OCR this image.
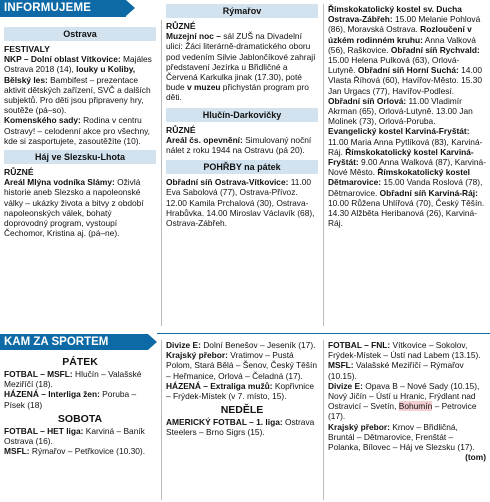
INFORMUJEME
Ostrava
FESTIVALY

NKP – Dolní oblast Vítkovice: Majáles Ostrava 2018 (14), louky u Koliby, Bělský les: Bambifest – prezentace aktivit dětských zařízení, SVČ a dalších subjektů. Pro děti jsou připraveny hry, soutěže (pá–so).

Komenského sady: Rodina v centru Ostravy! – celodenní akce pro všechny, kde si zasportujete, zasoutěžíte (10).

Háj ve Slezsku-Lhota
RŮZNÉ

Areál Mlýna vodníka Slámy: Oživlá historie aneb Slezsko a napoleonské války – ukázky života a bitvy z období napoleonských válek, bohatý doprovodný program, vystoupí Čechomor, Kristina aj. (pá–ne).

Rýmařov
RŮZNÉ

Muzejní noc – sál ZUŠ na Divadelní ulici: Žáci literárně-dramatického oboru pod vedením Silvie Jablončíkové zahrají představení Jezírka u Břidličné a Červená Karkulka jinak (17.30), poté bude v muzeu přichystán program pro děti.

Hlučín-Darkovičky
RŮZNÉ

Areál čs. opevnění: Simulovaný noční nálet z roku 1944 na Ostravu (pá 20).

POHŘBY na pátek

Obřadní síň Ostrava-Vítkovice: 11.00 Eva Sabolová (77), Ostrava-Přívoz. 12.00 Kamila Prchalová (30), Ostrava-Hrabůvka. 14.00 Miroslav Václavík (68), Ostrava-Zábřeh.

Římskokatolický kostel sv. Ducha Ostrava-Zábřeh: 15.00 Melanie Pohlová (86), Moravská Ostrava. Rozloučení v úzkém rodinném kruhu: Anna Valková (56), Raškovice. Obřadní síň Rychvald: 15.00 Helena Pulková (63), Orlová-Lutyně. Obřadní síň Horní Suchá: 14.00 Vlasta Říhová (60), Havířov-Město. 15.30 Jan Urgacs (77), Havířov-Podlesí. Obřadní síň Orlová: 11.00 Vladimír Akrman (65), Orlová-Lutyně. 13.00 Jan Molinek (73), Orlová-Poruba. Evangelický kostel Karviná-Fryštát: 11.00 Maria Anna Pytlíková (83), Karviná-Ráj. Římskokatolický kostel Karviná-Fryštát: 9.00 Anna Walková (87), Karviná-Nové Město. Římskokatolický kostel Dětmarovice: 15.00 Vanda Roslová (78), Dětmarovice. Obřadní síň Karviná-Ráj: 10.00 Růžena Uhlířová (70), Český Těšín. 14.30 Alžběta Heribanová (26), Karviná-Ráj.

KAM ZA SPORTEM
PÁTEK

FOTBAL – MSFL: Hlučín – Valašské Meziříčí (18).

HÁZENÁ – Interliga žen: Poruba – Písek (18)

SOBOTA

FOTBAL – HET liga: Karviná – Baník Ostrava (16).

MSFL: Rýmařov – Petřkovice (10.30).

Divize E: Dolní Benešov – Jeseník (17).

Krajský přebor: Vratimov – Pustá Polom, Stará Bělá – Šenov, Český Těšín – Heřmanice, Orlová – Čeladná (17).

HÁZENÁ – Extraliga mužů: Kopřivnice – Frýdek-Místek (v 7. místo, 15).

NEDĚLE

AMERICKÝ FOTBAL – 1. liga: Ostrava Steelers – Brno Sigrs (15).

FOTBAL – FNL: Vítkovice – Sokolov, Frýdek-Místek – Ústí nad Labem (13.15).

MSFL: Valašské Meziříčí – Rýmařov (10.15).

Divize E: Opava B – Nové Sady (10.15), Nový Jičín – Ústí u Hranic, Frýdlant nad Ostravicí – Svetín, Bohumín – Petrovice (17).

Krajský přebor: Krnov – Břidličná, Bruntál – Dětmarovice, Frenštát – Polanka, Bílovec – Háj ve Slezsku (17).
(tom)
